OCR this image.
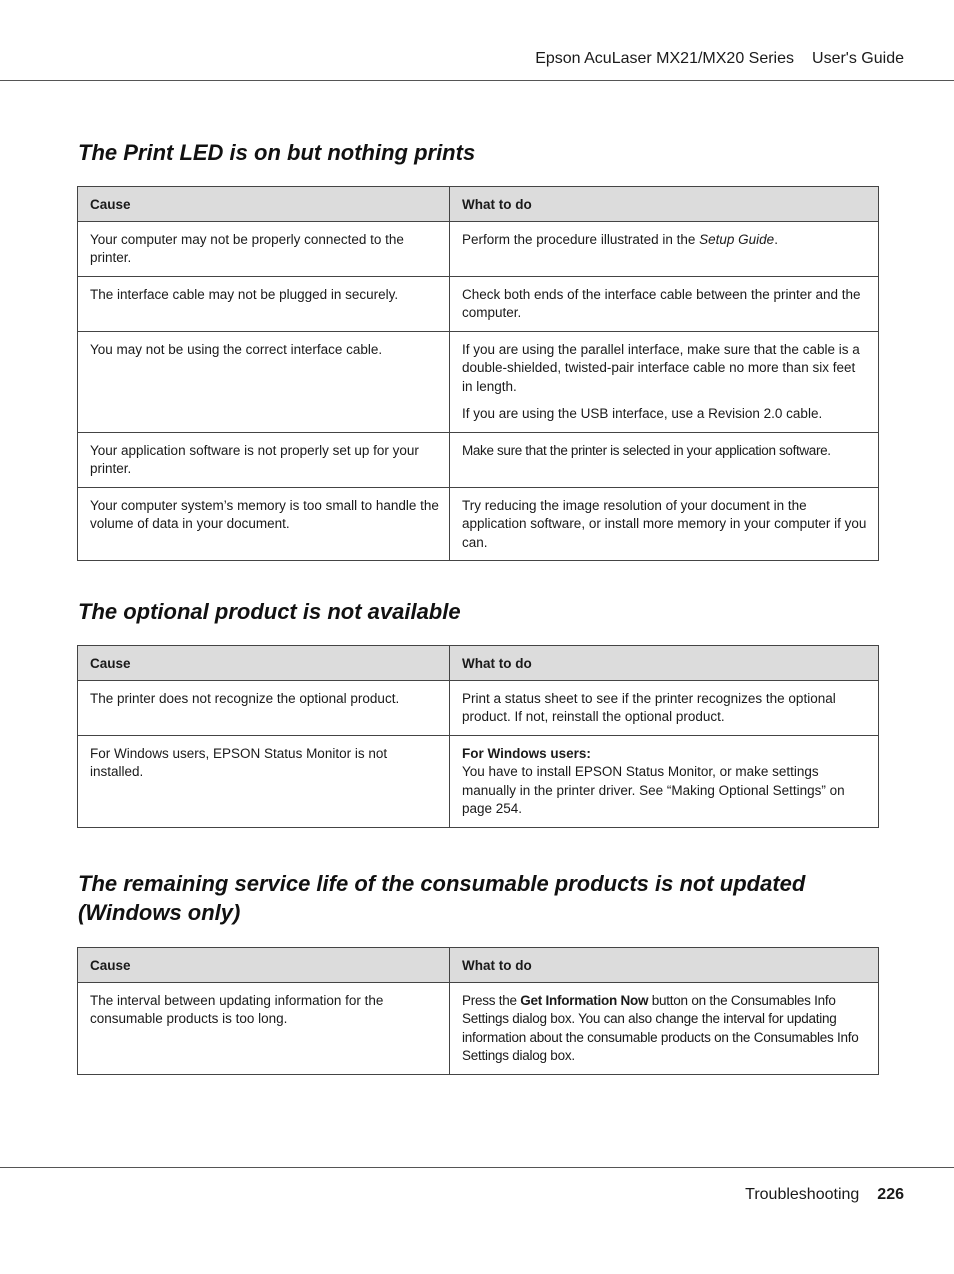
Epson AcuLaser MX21/MX20 Series User's Guide
The Print LED is on but nothing prints
Cause	What to do
Your computer may not be properly connected to the printer.	Perform the procedure illustrated in the Setup Guide.
The interface cable may not be plugged in securely.	Check both ends of the interface cable between the printer and the computer.
You may not be using the correct interface cable.	If you are using the parallel interface, make sure that the cable is a double-shielded, twisted-pair interface cable no more than six feet in length.

If you are using the USB interface, use a Revision 2.0 cable.

Your application software is not properly set up for your printer.	Make sure that the printer is selected in your application software.
Your computer system’s memory is too small to handle the volume of data in your document.	Try reducing the image resolution of your document in the application software, or install more memory in your computer if you can.
The optional product is not available
Cause	What to do
The printer does not recognize the optional product.	Print a status sheet to see if the printer recognizes the optional product. If not, reinstall the optional product.
For Windows users, EPSON Status Monitor is not installed.	For Windows users:
You have to install EPSON Status Monitor, or make settings manually in the printer driver. See “Making Optional Settings” on page 254.
The remaining service life of the consumable products is not updated
(Windows only)
Cause	What to do
The interval between updating information for the consumable products is too long.	Press the Get Information Now button on the Consumables Info Settings dialog box. You can also change the interval for updating information about the consumable products on the Consumables Info Settings dialog box.
Troubleshooting 226
